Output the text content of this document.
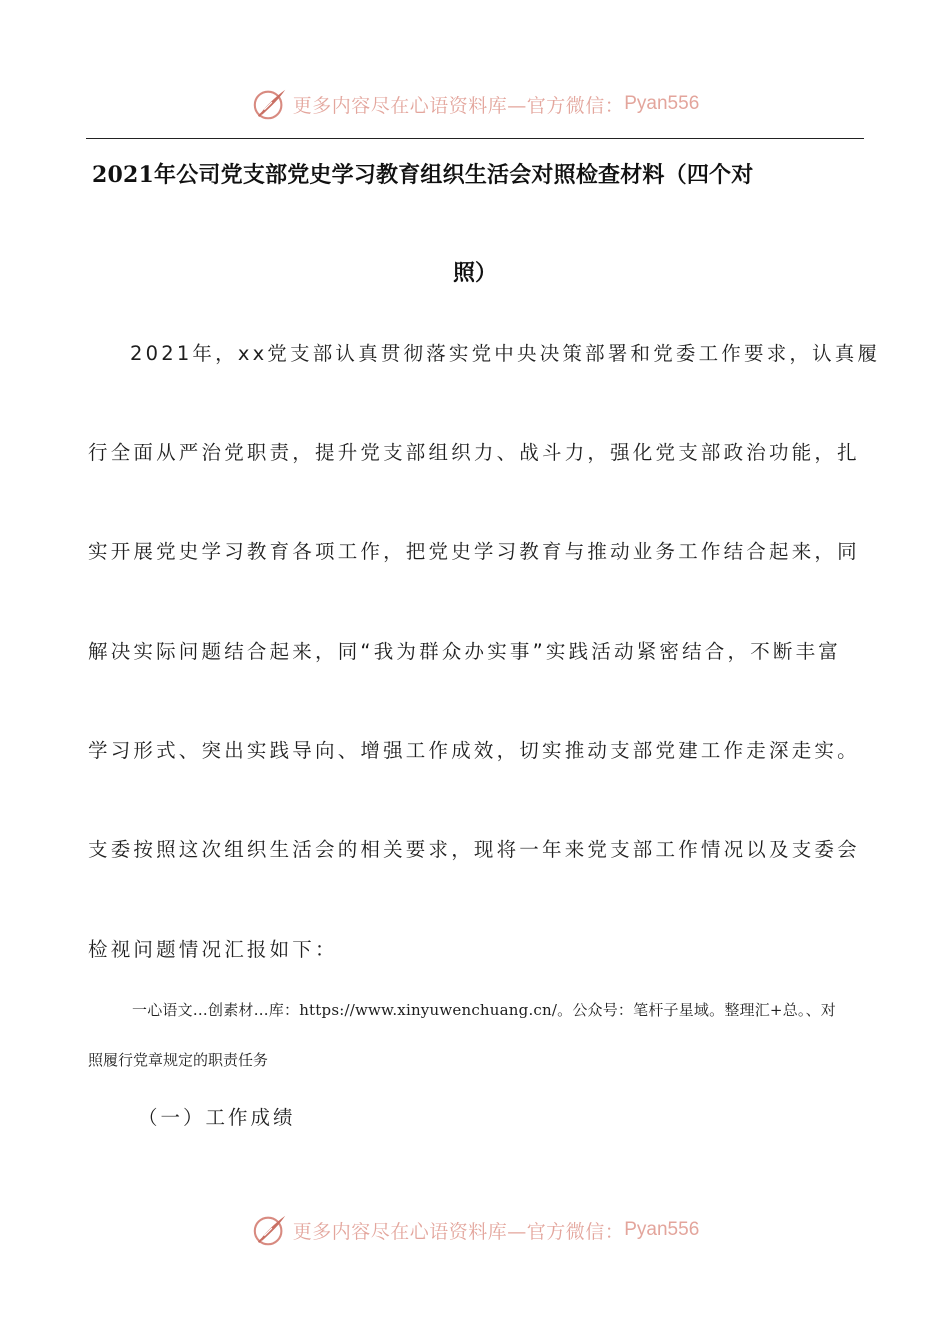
更多内容尽在心语资料库—官方微信： Pyan556
2021年公司党支部党史学习教育组织生活会对照检查材料（四个对
照）
2021年，xx党支部认真贯彻落实党中央决策部署和党委工作要求，认真履
行全面从严治党职责，提升党支部组织力、战斗力，强化党支部政治功能，扎
实开展党史学习教育各项工作，把党史学习教育与推动业务工作结合起来，同
解决实际问题结合起来，同“我为群众办实事”实践活动紧密结合，不断丰富
学习形式、突出实践导向、增强工作成效，切实推动支部党建工作走深走实。
支委按照这次组织生活会的相关要求，现将一年来党支部工作情况以及支委会
检视问题情况汇报如下：
一心语文…创素材…库：https://www.xinyuwenchuang.cn/。公众号：笔杆子星域。整理汇+总。、对
照履行党章规定的职责任务
（一）工作成绩
更多内容尽在心语资料库—官方微信： Pyan556
